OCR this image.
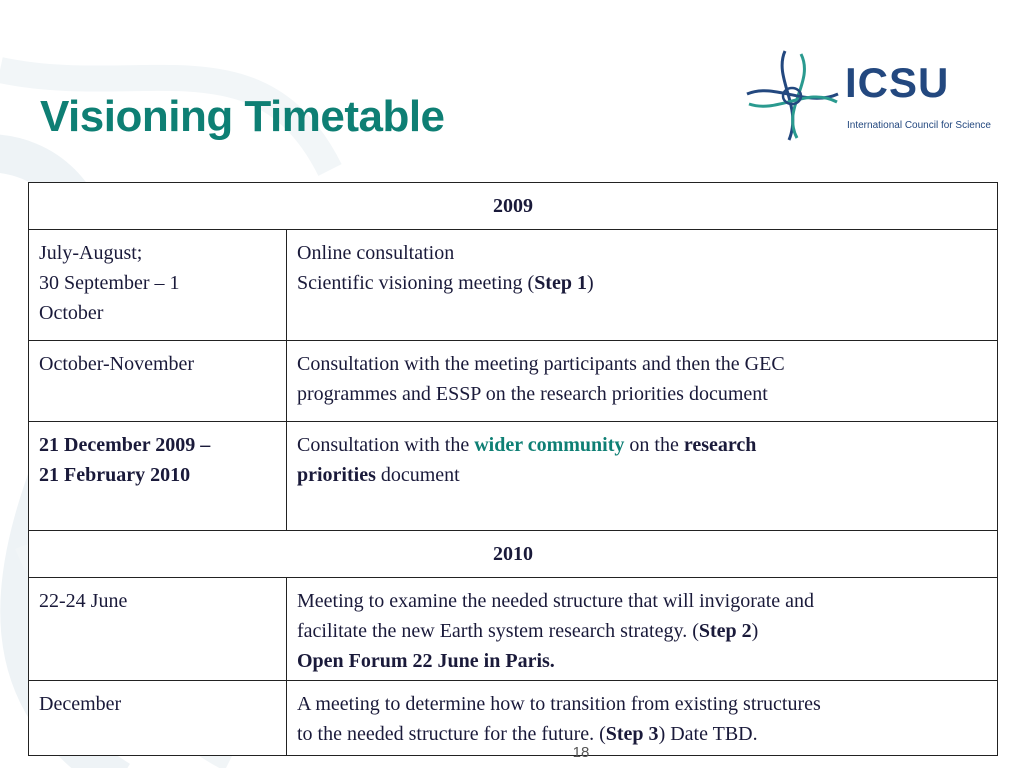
Visioning Timetable
ICSU
International Council for Science
2009	

July-August;
30 September – 1
October	Online consultation
Scientific visioning meeting (Step 1)

October-November	Consultation with the meeting participants and then the GEC
programmes and ESSP on the research priorities document

21 December 2009 –
21 February 2010	Consultation with the wider community on the research
priorities document

2010	

22-24 June	Meeting to examine the needed structure that will invigorate and
facilitate the new Earth system research strategy. (Step 2)
Open Forum 22 June in Paris.

December	A meeting to determine how to transition from existing structures
to the needed structure for the future. (Step 3) Date TBD.
18
